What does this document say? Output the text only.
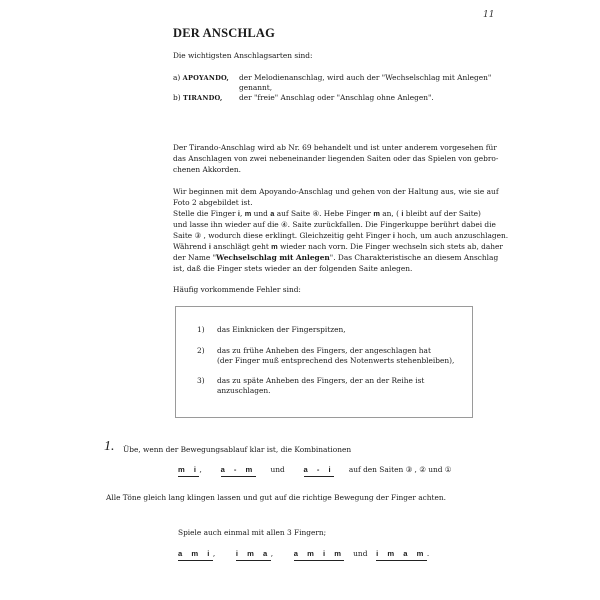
11
DER ANSCHLAG
Die wichtigsten Anschlagsarten sind:
a) APOYANDO, der Melodienanschlag, wird auch der "Wechselschlag mit Anlegen"
genannt,
b) TIRANDO, der "freie" Anschlag oder "Anschlag ohne Anlegen".
Der Tirando-Anschlag wird ab Nr. 69 behandelt und ist unter anderem vorgesehen für
das Anschlagen von zwei nebeneinander liegenden Saiten oder das Spielen von gebro-
chenen Akkorden.
Wir beginnen mit dem Apoyando-Anschlag und gehen von der Haltung aus, wie sie auf
Foto 2 abgebildet ist.
Stelle die Finger i, m und a auf Saite ④. Hebe Finger m an, ( i bleibt auf der Saite)
und lasse ihn wieder auf die ④. Saite zurückfallen. Die Fingerkuppe berührt dabei die
Saite ③ , wodurch diese erklingt. Gleichzeitig geht Finger i hoch, um auch anzuschlagen.
Während i anschlägt geht m wieder nach vorn. Die Finger wechseln sich stets ab, daher
der Name "Wechselschlag mit Anlegen". Das Charakteristische an diesem Anschlag
ist, daß die Finger stets wieder an der folgenden Saite anlegen.
Häufig vorkommende Fehler sind:
1) das Einknicken der Fingerspitzen,
2) das zu frühe Anheben des Fingers, der angeschlagen hat
(der Finger muß entsprechend des Notenwerts stehenbleiben),
3) das zu späte Anheben des Fingers, der an der Reihe ist
anzuschlagen.
1. Übe, wenn der Bewegungsablauf klar ist, die Kombinationen
m i, a - m und a - i auf den Saiten ③ , ② und ①
Alle Töne gleich lang klingen lassen und gut auf die richtige Bewegung der Finger achten.
Spiele auch einmal mit allen 3 Fingern;
a m i,	i m a,	a m i m und i m a m.
